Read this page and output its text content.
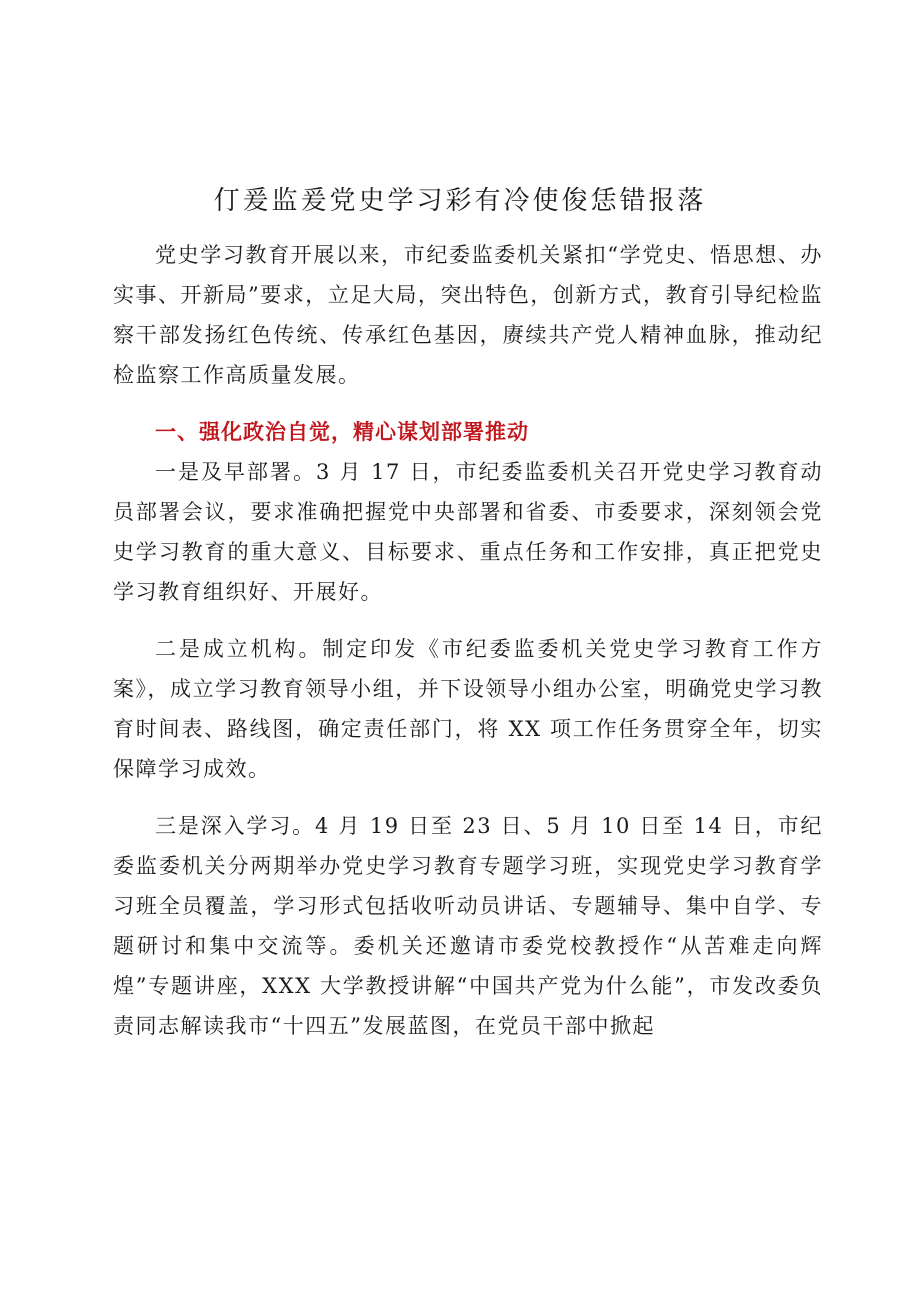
仃爰监爰党史学习彩有冷使俊恁错报落

党史学习教育开展以来，市纪委监委机关紧扣“学党史、悟思想、办实事、开新局”要求，立足大局，突出特色，创新方式，教育引导纪检监察干部发扬红色传统、传承红色基因，赓续共产党人精神血脉，推动纪检监察工作高质量发展。

一、强化政治自觉，精心谋划部署推动

一是及早部署。3 月 17 日，市纪委监委机关召开党史学习教育动员部署会议，要求准确把握党中央部署和省委、市委要求，深刻领会党史学习教育的重大意义、目标要求、重点任务和工作安排，真正把党史学习教育组织好、开展好。

二是成立机构。制定印发《市纪委监委机关党史学习教育工作方案》，成立学习教育领导小组，并下设领导小组办公室，明确党史学习教育时间表、路线图，确定责任部门，将 XX 项工作任务贯穿全年，切实保障学习成效。

三是深入学习。4 月 19 日至 23 日、5 月 10 日至 14 日，市纪委监委机关分两期举办党史学习教育专题学习班，实现党史学习教育学习班全员覆盖，学习形式包括收听动员讲话、专题辅导、集中自学、专题研讨和集中交流等。委机关还邀请市委党校教授作“从苦难走向辉煌”专题讲座，XXX 大学教授讲解“中国共产党为什么能”，市发改委负责同志解读我市“十四五”发展蓝图，在党员干部中掀起
